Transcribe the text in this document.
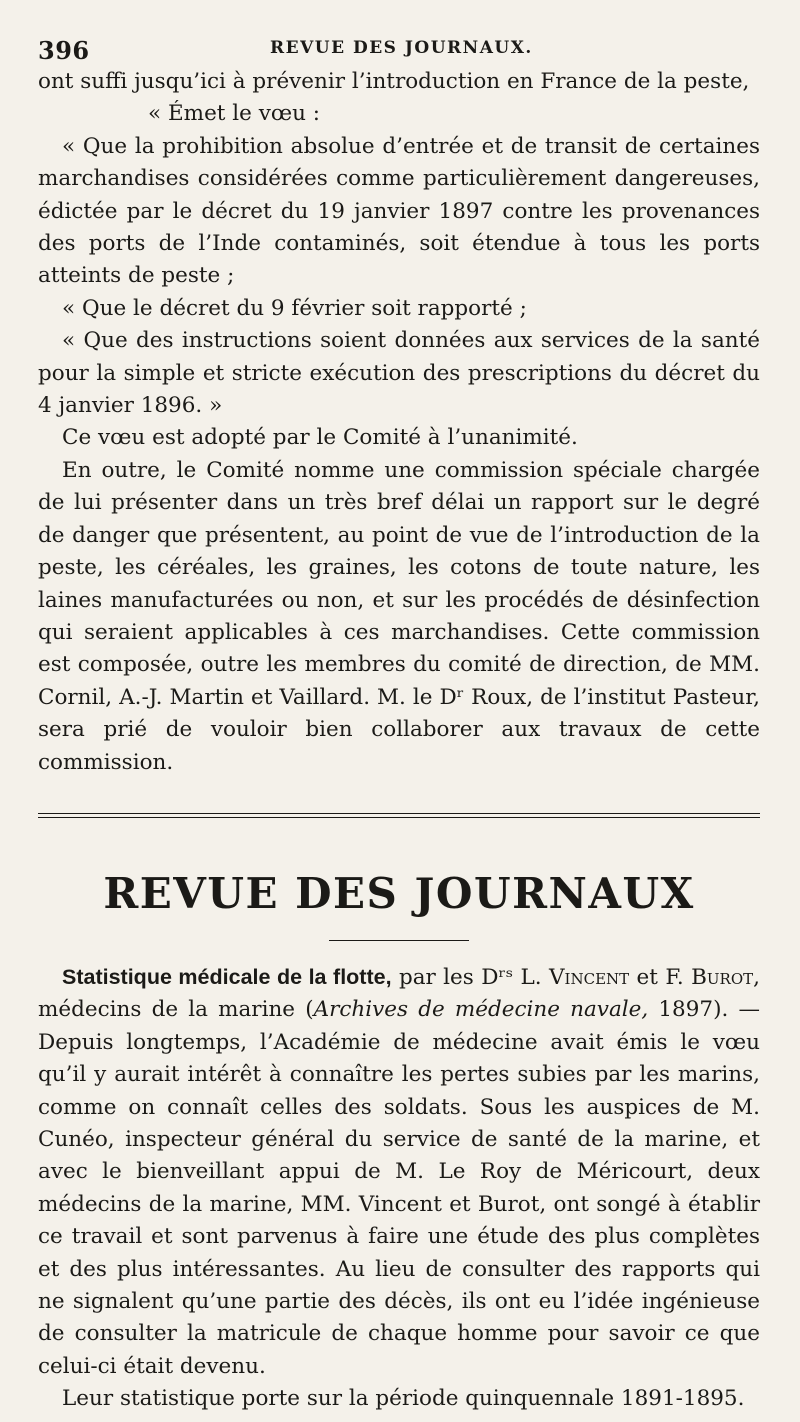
396	REVUE DES JOURNAUX.

ont suffi jusqu’ici à prévenir l’introduction en France de la peste,

« Émet le vœu :

« Que la prohibition absolue d’entrée et de transit de certaines marchandises considérées comme particulièrement dangereuses, édictée par le décret du 19 janvier 1897 contre les provenances des ports de l’Inde contaminés, soit étendue à tous les ports atteints de peste ;

« Que le décret du 9 février soit rapporté ;

« Que des instructions soient données aux services de la santé pour la simple et stricte exécution des prescriptions du décret du 4 janvier 1896. »

Ce vœu est adopté par le Comité à l’unanimité.

En outre, le Comité nomme une commission spéciale chargée de lui présenter dans un très bref délai un rapport sur le degré de danger que présentent, au point de vue de l’introduction de la peste, les céréales, les graines, les cotons de toute nature, les laines manufacturées ou non, et sur les procédés de désinfection qui seraient applicables à ces marchandises. Cette commission est composée, outre les membres du comité de direction, de MM. Cornil, A.-J. Martin et Vaillard. M. le Dʳ Roux, de l’institut Pasteur, sera prié de vouloir bien collaborer aux travaux de cette commission.

REVUE DES JOURNAUX

Statistique médicale de la flotte, par les Dʳˢ L. Vincent et F. Burot, médecins de la marine (Archives de médecine navale, 1897). — Depuis longtemps, l’Académie de médecine avait émis le vœu qu’il y aurait intérêt à connaître les pertes subies par les marins, comme on connaît celles des soldats. Sous les auspices de M. Cunéo, inspecteur général du service de santé de la marine, et avec le bienveillant appui de M. Le Roy de Méricourt, deux médecins de la marine, MM. Vincent et Burot, ont songé à établir ce travail et sont parvenus à faire une étude des plus complètes et des plus intéressantes. Au lieu de consulter des rapports qui ne signalent qu’une partie des décès, ils ont eu l’idée ingénieuse de consulter la matricule de chaque homme pour savoir ce que celui-ci était devenu.

Leur statistique porte sur la période quinquennale 1891-1895.
